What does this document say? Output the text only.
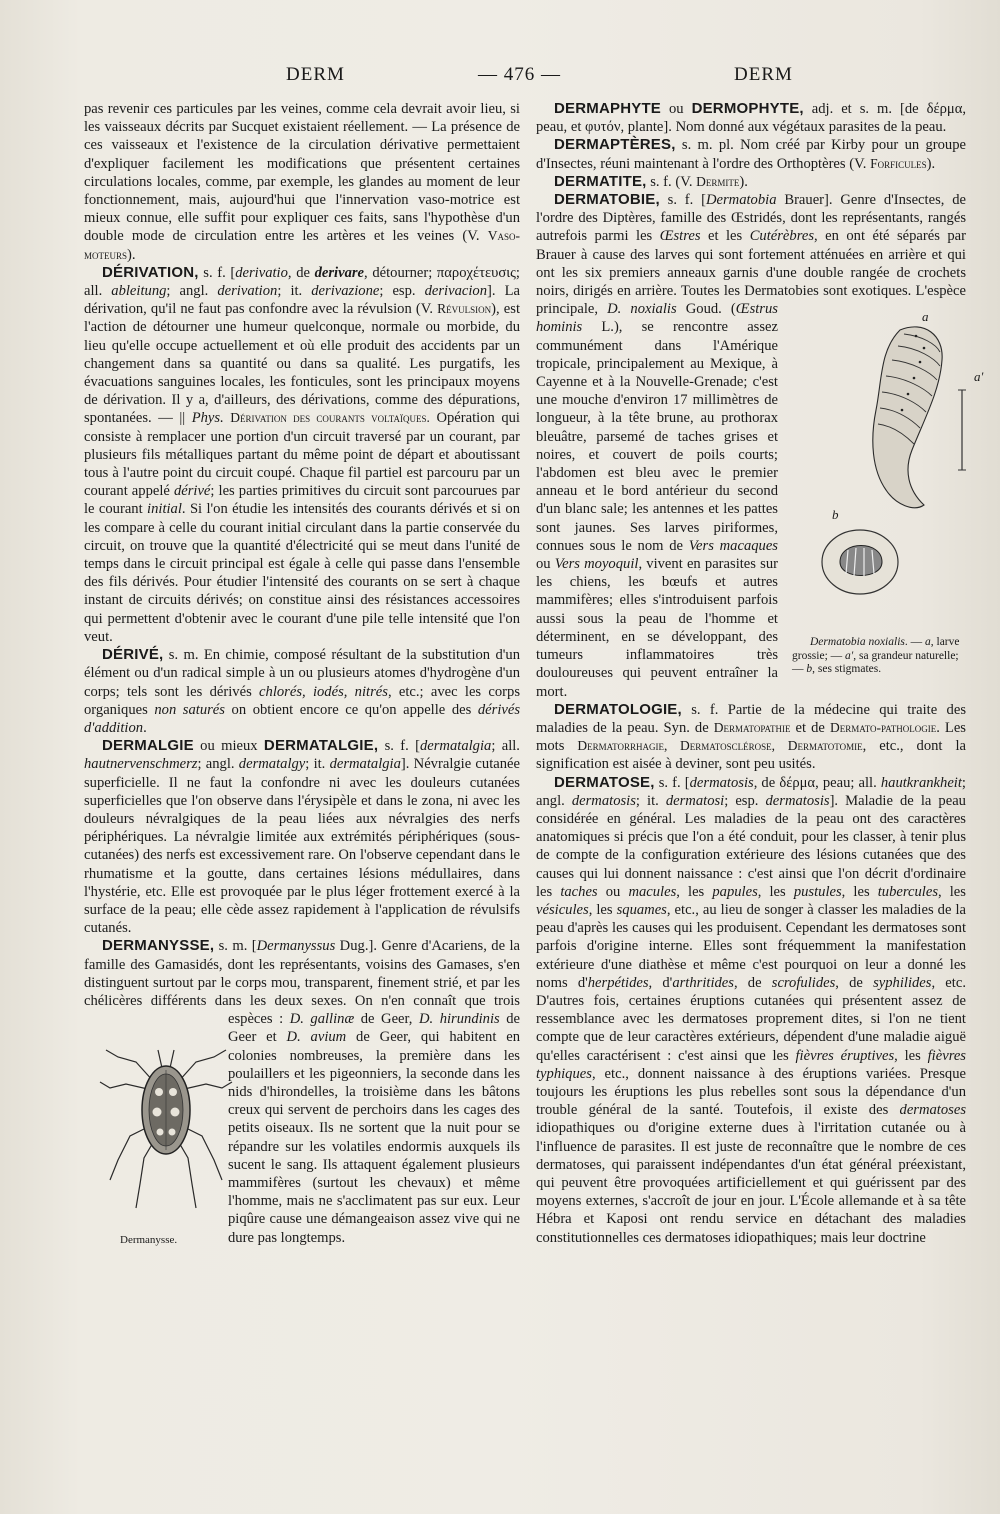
DERM	— 476 —	DERM

pas revenir ces particules par les veines, comme cela devrait avoir lieu, si les vaisseaux décrits par Sucquet existaient réellement. — La présence de ces vaisseaux et l'existence de la circulation dérivative permettaient d'expliquer facilement les modifications que présentent certaines circulations locales, comme, par exemple, les glandes au moment de leur fonctionnement, mais, aujourd'hui que l'innervation vaso-motrice est mieux connue, elle suffit pour expliquer ces faits, sans l'hypothèse d'un double mode de circulation entre les artères et les veines (V. Vaso-moteurs).

DÉRIVATION, s. f. [derivatio, de derivare, détourner; παροχέτευσις; all. ableitung; angl. derivation; it. derivazione; esp. derivacion]. La dérivation, qu'il ne faut pas confondre avec la révulsion (V. Révulsion), est l'action de détourner une humeur quelconque, normale ou morbide, du lieu qu'elle occupe actuellement et où elle produit des accidents par un changement dans sa quantité ou dans sa qualité. Les purgatifs, les évacuations sanguines locales, les fonticules, sont les principaux moyens de dérivation. Il y a, d'ailleurs, des dérivations, comme des dépurations, spontanées. — || Phys. Dérivation des courants voltaïques. Opération qui consiste à remplacer une portion d'un circuit traversé par un courant, par plusieurs fils métalliques partant du même point de départ et aboutissant tous à l'autre point du circuit coupé. Chaque fil partiel est parcouru par un courant appelé dérivé; les parties primitives du circuit sont parcourues par le courant initial. Si l'on étudie les intensités des courants dérivés et si on les compare à celle du courant initial circulant dans la partie conservée du circuit, on trouve que la quantité d'électricité qui se meut dans l'unité de temps dans le circuit principal est égale à celle qui passe dans l'ensemble des fils dérivés. Pour étudier l'intensité des courants on se sert à chaque instant de circuits dérivés; on constitue ainsi des résistances accessoires qui permettent d'obtenir avec le courant d'une pile telle intensité que l'on veut.

DÉRIVÉ, s. m. En chimie, composé résultant de la substitution d'un élément ou d'un radical simple à un ou plusieurs atomes d'hydrogène d'un corps; tels sont les dérivés chlorés, iodés, nitrés, etc.; avec les corps organiques non saturés on obtient encore ce qu'on appelle des dérivés d'addition.

DERMALGIE ou mieux DERMATALGIE, s. f. [dermatalgia; all. hautnervenschmerz; angl. dermatalgy; it. dermatalgia]. Névralgie cutanée superficielle. Il ne faut la confondre ni avec les douleurs cutanées superficielles que l'on observe dans l'érysipèle et dans le zona, ni avec les douleurs névralgiques de la peau liées aux névralgies des nerfs périphériques. La névralgie limitée aux extrémités périphériques (sous-cutanées) des nerfs est excessivement rare. On l'observe cependant dans le rhumatisme et la goutte, dans certaines lésions médullaires, dans l'hystérie, etc. Elle est provoquée par le plus léger frottement exercé à la surface de la peau; elle cède assez rapidement à l'application de révulsifs cutanés.

DERMANYSSE, s. m. [Dermanyssus Dug.]. Genre d'Acariens, de la famille des Gamasidés, dont les représentants, voisins des Gamases, s'en distinguent surtout par le corps mou, transparent, finement strié, et par les chélicères différents dans les deux sexes. On n'en connaît que trois espèces :
Dermanysse.
D. gallinæ de Geer, D. hirundinis de Geer et D. avium de Geer, qui habitent en colonies nombreuses, la première dans les poulaillers et les pigeonniers, la seconde dans les nids d'hirondelles, la troisième dans les bâtons creux qui servent de perchoirs dans les cages des petits oiseaux. Ils ne sortent que la nuit pour se répandre sur les volatiles endormis auxquels ils sucent le sang. Ils attaquent également plusieurs mammifères (surtout les chevaux) et même l'homme, mais ne s'acclimatent pas sur eux. Leur piqûre cause une démangeaison assez vive qui ne dure pas longtemps.

DERMAPHYTE ou DERMOPHYTE, adj. et s. m. [de δέρμα, peau, et φυτόν, plante]. Nom donné aux végétaux parasites de la peau.

DERMAPTÈRES, s. m. pl. Nom créé par Kirby pour un groupe d'Insectes, réuni maintenant à l'ordre des Orthoptères (V. Forficules).

DERMATITE, s. f. (V. Dermite).

DERMATOBIE, s. f. [Dermatobia Brauer]. Genre d'Insectes, de l'ordre des Diptères, famille des Œstridés, dont les représentants, rangés autrefois parmi les Œstres et les Cutérèbres, en ont été séparés par Brauer à cause des larves qui sont fortement atténuées en arrière et qui ont les six premiers anneaux garnis d'une double rangée de crochets noirs, dirigés en arrière. Toutes les Dermatobies sont exotiques. L'espèce principale,	a
a'
b
Dermatobia noxialis. — a, larve grossie; — a', sa grandeur naturelle; — b, ses stigmates.
D. noxialis Goud. (Œstrus hominis L.), se rencontre assez communément dans l'Amérique tropicale, principalement au Mexique, à Cayenne et à la Nouvelle-Grenade; c'est une mouche d'environ 17 millimètres de longueur, à la tête brune, au prothorax bleuâtre, parsemé de taches grises et noires, et couvert de poils courts; l'abdomen est bleu avec le premier anneau et le bord antérieur du second d'un blanc sale; les antennes et les pattes sont jaunes. Ses larves piriformes, connues sous le nom de Vers macaques ou Vers moyoquil, vivent en parasites sur les chiens, les bœufs et autres mammifères; elles s'introduisent parfois aussi sous la peau de l'homme et déterminent, en se développant, des tumeurs inflammatoires très douloureuses qui peuvent entraîner la mort.

DERMATOLOGIE, s. f. Partie de la médecine qui traite des maladies de la peau. Syn. de Dermatopathie et de Dermato-pathologie. Les mots Dermatorrhagie, Dermatosclérose, Dermatotomie, etc., dont la signification est aisée à deviner, sont peu usités.

DERMATOSE, s. f. [dermatosis, de δέρμα, peau; all. hautkrankheit; angl. dermatosis; it. dermatosi; esp. dermatosis]. Maladie de la peau considérée en général. Les maladies de la peau ont des caractères anatomiques si précis que l'on a été conduit, pour les classer, à tenir plus de compte de la configuration extérieure des lésions cutanées que des causes qui lui donnent naissance : c'est ainsi que l'on décrit d'ordinaire les taches ou macules, les papules, les pustules, les tubercules, les vésicules, les squames, etc., au lieu de songer à classer les maladies de la peau d'après les causes qui les produisent. Cependant les dermatoses sont parfois d'origine interne. Elles sont fréquemment la manifestation extérieure d'une diathèse et même c'est pourquoi on leur a donné les noms d'herpétides, d'arthritides, de scrofulides, de syphilides, etc. D'autres fois, certaines éruptions cutanées qui présentent assez de ressemblance avec les dermatoses proprement dites, si l'on ne tient compte que de leur caractères extérieurs, dépendent d'une maladie aiguë qu'elles caractérisent : c'est ainsi que les fièvres éruptives, les fièvres typhiques, etc., donnent naissance à des éruptions variées. Presque toujours les éruptions les plus rebelles sont sous la dépendance d'un trouble général de la santé. Toutefois, il existe des dermatoses idiopathiques ou d'origine externe dues à l'irritation cutanée ou à l'influence de parasites. Il est juste de reconnaître que le nombre de ces dermatoses, qui paraissent indépendantes d'un état général préexistant, qui peuvent être provoquées artificiellement et qui guérissent par des moyens externes, s'accroît de jour en jour. L'École allemande et à sa tête Hébra et Kaposi ont rendu service en détachant des maladies constitutionnelles ces dermatoses idiopathiques; mais leur doctrine
